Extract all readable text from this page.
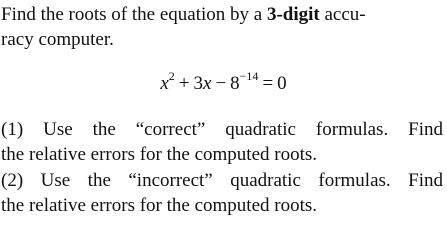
Find the roots of the equation by a 3-digit accu-
racy computer.
$x^2 + 3x - 8^{-14} = 0$
(1) Use the “correct” quadratic formulas. Find
the relative errors for the computed roots.
(2) Use the “incorrect” quadratic formulas. Find
the relative errors for the computed roots.
